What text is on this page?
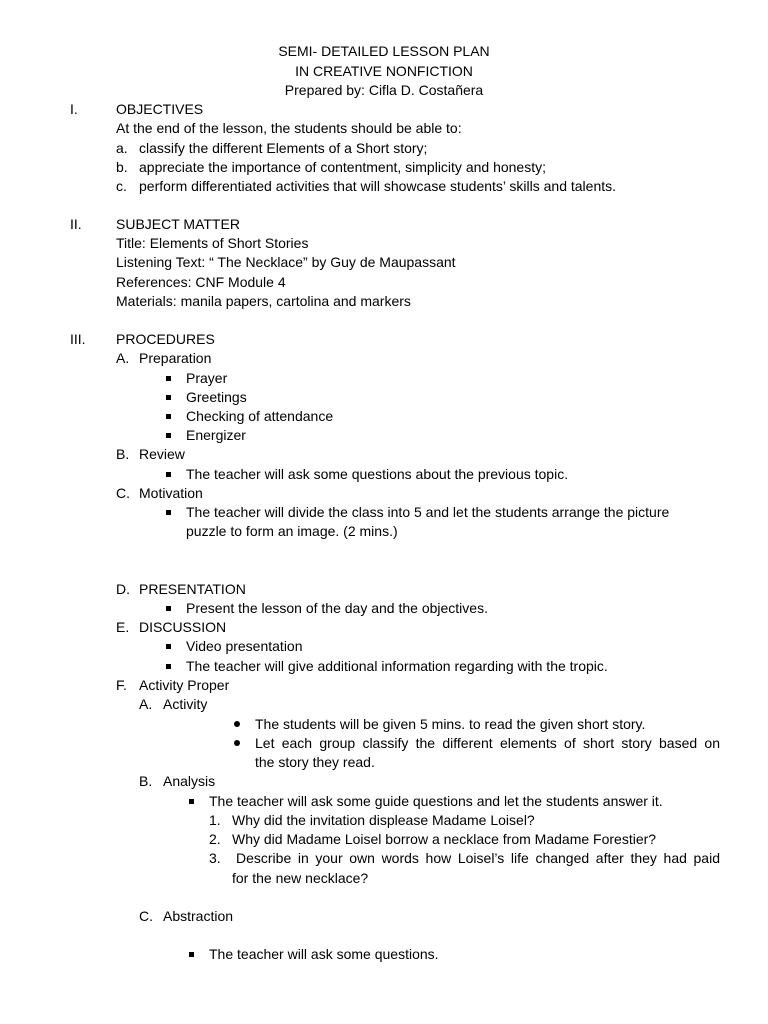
SEMI- DETAILED LESSON PLAN
IN CREATIVE NONFICTION
Prepared by: Cifla D. Costañera
I.	OBJECTIVES
At the end of the lesson, the students should be able to:
a. classify the different Elements of a Short story;
b. appreciate the importance of contentment, simplicity and honesty;
c. perform differentiated activities that will showcase students’ skills and talents.
II. SUBJECT MATTER
Title: Elements of Short Stories
Listening Text: “ The Necklace” by Guy de Maupassant
References: CNF Module 4
Materials: manila papers, cartolina and markers
III. PROCEDURES
A. Preparation
Prayer
Greetings
Checking of attendance
Energizer
B. Review
The teacher will ask some questions about the previous topic.
C. Motivation
The teacher will divide the class into 5 and let the students arrange the picture
puzzle to form an image. (2 mins.)
D. PRESENTATION
Present the lesson of the day and the objectives.
E. DISCUSSION
Video presentation
The teacher will give additional information regarding with the tropic.
F. Activity Proper
A. Activity
The students will be given 5 mins. to read the given short story.
Let each group classify the different elements of short story based on
the story they read.
B. Analysis
The teacher will ask some guide questions and let the students answer it.
1. Why did the invitation displease Madame Loisel?
2. Why did Madame Loisel borrow a necklace from Madame Forestier?
3. Describe in your own words how Loisel’s life changed after they had paid
for the new necklace?
C. Abstraction
The teacher will ask some questions.
